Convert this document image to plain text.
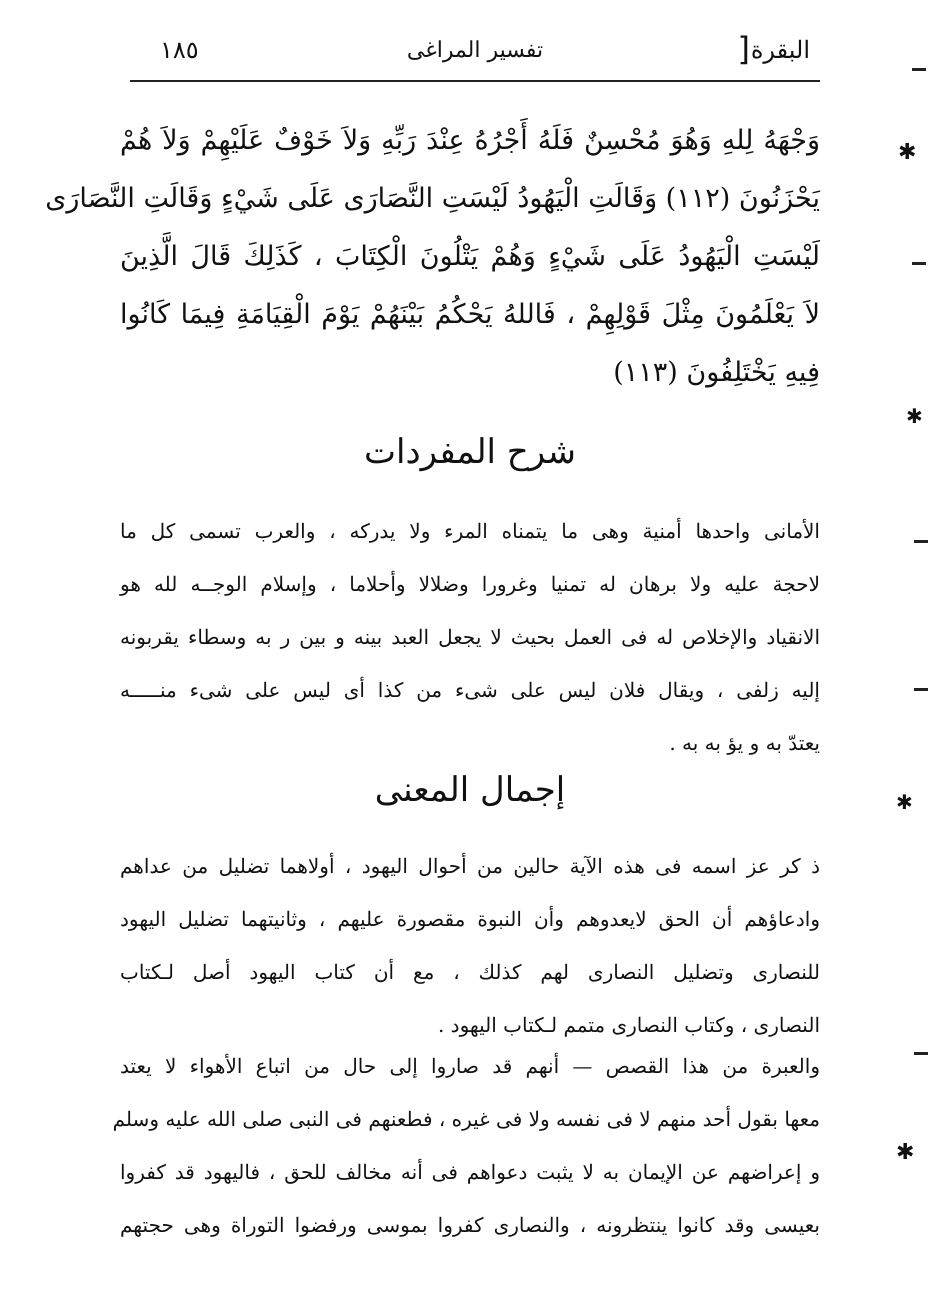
١٨٥	تفسير المراغى	] البقرة
وَجْهَهُ لِلهِ وَهُوَ مُحْسِنٌ فَلَهُ أَجْرُهُ عِنْدَ رَبِّهِ وَلاَ خَوْفٌ عَلَيْهِمْ وَلاَ هُمْ
يَحْزَنُونَ (١١٢) وَقَالَتِ الْيَهُودُ لَيْسَتِ النَّصَارَى عَلَى شَيْءٍ وَقَالَتِ النَّصَارَى
لَيْسَتِ الْيَهُودُ عَلَى شَيْءٍ وَهُمْ يَتْلُونَ الْكِتَابَ ، كَذَلِكَ قَالَ الَّذِينَ
لاَ يَعْلَمُونَ مِثْلَ قَوْلِهِمْ ، فَاللهُ يَحْكُمُ بَيْنَهُمْ يَوْمَ الْقِيَامَةِ فِيمَا كَانُوا
فِيهِ يَخْتَلِفُونَ (١١٣)
شرح المفردات
الأمانى واحدها أمنية وهى ما يتمناه المرء ولا يدركه ، والعرب تسمى كل ما
لاحجة عليه ولا برهان له تمنيا وغرورا وضلالا وأحلاما ، وإسلام الوجــه لله هو
الانقياد والإخلاص له فى العمل بحيث لا يجعل العبد بينه و بين ر به وسطاء يقربونه
إليه زلفى ، ويقال فلان ليس على شىء من كذا أى ليس على شىء منـــــه
يعتدّ به و يؤ به به .
إجمال المعنى
ذ كر عز اسمه فى هذه الآية حالين من أحوال اليهود ، أولاهما تضليل من عداهم
وادعاؤهم أن الحق لايعدوهم وأن النبوة مقصورة عليهم ، وثانيتهما تضليل اليهود
للنصارى وتضليل النصارى لهم كذلك ، مع أن كتاب اليهود أصل لـكتاب
النصارى ، وكتاب النصارى متمم لـكتاب اليهود .
والعبرة من هذا القصص — أنهم قد صاروا إلى حال من اتباع الأهواء لا يعتد
معها بقول أحد منهم لا فى نفسه ولا فى غيره ، فطعنهم فى النبى صلى الله عليه وسلم
و إعراضهم عن الإيمان به لا يثبت دعواهم فى أنه مخالف للحق ، فاليهود قد كفروا
بعيسى وقد كانوا ينتظرونه ، والنصارى كفروا بموسى ورفضوا التوراة وهى حجتهم
✱
✱
✱
✱
